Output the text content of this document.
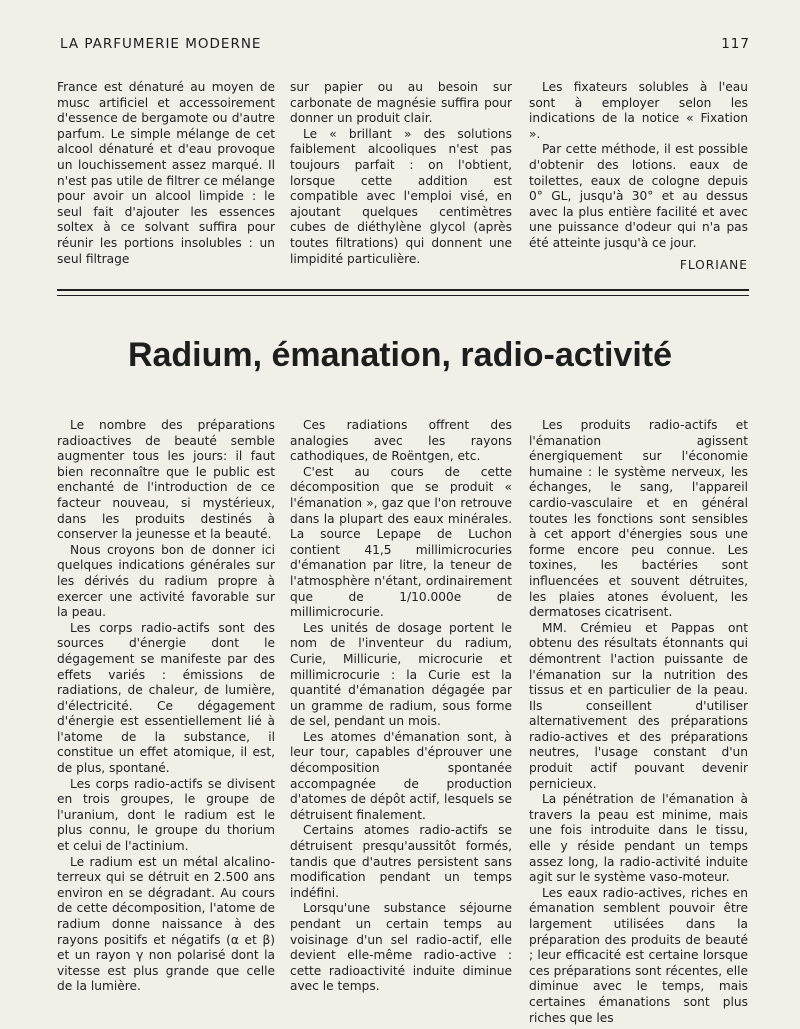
LA PARFUMERIE MODERNE	117

France est dénaturé au moyen de musc artificiel et accessoirement d'essence de bergamote ou d'autre parfum. Le simple mélange de cet alcool dénaturé et d'eau provoque un louchissement assez marqué. Il n'est pas utile de filtrer ce mélange pour avoir un alcool limpide : le seul fait d'ajouter les essences soltex à ce solvant suffira pour réunir les portions insolubles : un seul filtrage

sur papier ou au besoin sur carbonate de magnésie suffira pour donner un produit clair.

Le « brillant » des solutions faiblement alcooliques n'est pas toujours parfait : on l'obtient, lorsque cette addition est compatible avec l'emploi visé, en ajoutant quelques centimètres cubes de diéthylène glycol (après toutes filtrations) qui donnent une limpidité particulière.

Les fixateurs solubles à l'eau sont à employer selon les indications de la notice « Fixation ».

Par cette méthode, il est possible d'obtenir des lotions. eaux de toilettes, eaux de cologne depuis 0° GL, jusqu'à 30° et au dessus avec la plus entière facilité et avec une puissance d'odeur qui n'a pas été atteinte jusqu'à ce jour.

FLORIANE
Radium, émanation, radio-activité

Le nombre des préparations radioactives de beauté semble augmenter tous les jours: il faut bien reconnaître que le public est enchanté de l'introduction de ce facteur nouveau, si mystérieux, dans les produits destinés à conserver la jeunesse et la beauté.

Nous croyons bon de donner ici quelques indications générales sur les dérivés du radium propre à exercer une activité favorable sur la peau.

Les corps radio-actifs sont des sources d'énergie dont le dégagement se manifeste par des effets variés : émissions de radiations, de chaleur, de lumière, d'électricité. Ce dégagement d'énergie est essentiellement lié à l'atome de la substance, il constitue un effet atomique, il est, de plus, spontané.

Les corps radio-actifs se divisent en trois groupes, le groupe de l'uranium, dont le radium est le plus connu, le groupe du thorium et celui de l'actinium.

Le radium est un métal alcalino-terreux qui se détruit en 2.500 ans environ en se dégradant. Au cours de cette décomposition, l'atome de radium donne naissance à des rayons positifs et négatifs (α et β) et un rayon γ non polarisé dont la vitesse est plus grande que celle de la lumière.

Ces radiations offrent des analogies avec les rayons cathodiques, de Roëntgen, etc.

C'est au cours de cette décomposition que se produit « l'émanation », gaz que l'on retrouve dans la plupart des eaux minérales. La source Lepape de Luchon contient 41,5 millimicrocuries d'émanation par litre, la teneur de l'atmosphère n'étant, ordinairement que de 1/10.000e de millimicrocurie.

Les unités de dosage portent le nom de l'inventeur du radium, Curie, Millicurie, microcurie et millimicrocurie : la Curie est la quantité d'émanation dégagée par un gramme de radium, sous forme de sel, pendant un mois.

Les atomes d'émanation sont, à leur tour, capables d'éprouver une décomposition spontanée accompagnée de production d'atomes de dépôt actif, lesquels se détruisent finalement.

Certains atomes radio-actifs se détruisent presqu'aussitôt formés, tandis que d'autres persistent sans modification pendant un temps indéfini.

Lorsqu'une substance séjourne pendant un certain temps au voisinage d'un sel radio-actif, elle devient elle-même radio-active : cette radioactivité induite diminue avec le temps.

Les produits radio-actifs et l'émanation agissent énergiquement sur l'économie humaine : le système nerveux, les échanges, le sang, l'appareil cardio-vasculaire et en général toutes les fonctions sont sensibles à cet apport d'énergies sous une forme encore peu connue. Les toxines, les bactéries sont influencées et souvent détruites, les plaies atones évoluent, les dermatoses cicatrisent.

MM. Crémieu et Pappas ont obtenu des résultats étonnants qui démontrent l'action puissante de l'émanation sur la nutrition des tissus et en particulier de la peau. Ils conseillent d'utiliser alternativement des préparations radio-actives et des préparations neutres, l'usage constant d'un produit actif pouvant devenir pernicieux.

La pénétration de l'émanation à travers la peau est minime, mais une fois introduite dans le tissu, elle y réside pendant un temps assez long, la radio-activité induite agit sur le système vaso-moteur.

Les eaux radio-actives, riches en émanation semblent pouvoir être largement utilisées dans la préparation des produits de beauté ; leur efficacité est certaine lorsque ces préparations sont récentes, elle diminue avec le temps, mais certaines émanations sont plus riches que les
